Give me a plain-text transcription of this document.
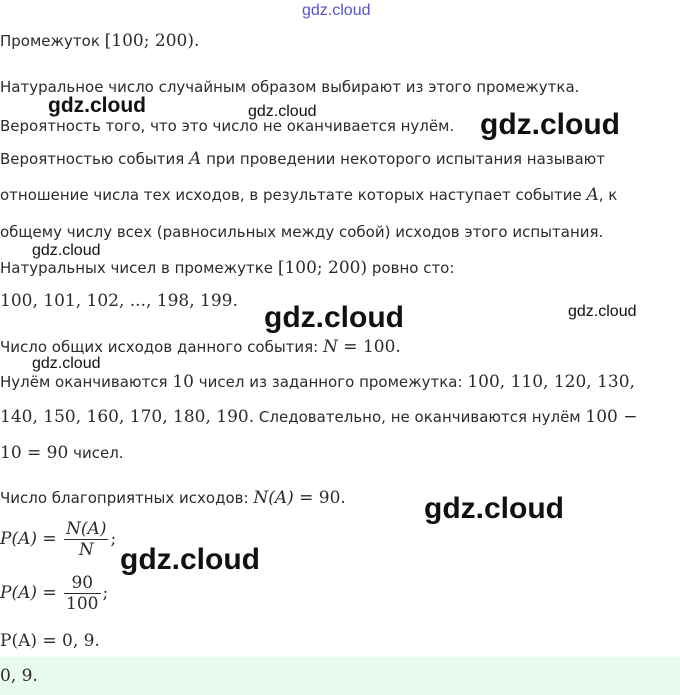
gdz.cloud
Промежуток [100; 200).
Натуральное число случайным образом выбирают из этого промежутка.
Вероятность того, что это число не оканчивается нулём.
Вероятностью события A при проведении некоторого испытания называют
отношение числа тех исходов, в результате которых наступает событие A, к
общему числу всех (равносильных между собой) исходов этого испытания.
Натуральных чисел в промежутке [100; 200) ровно сто:
100, 101, 102, ..., 198, 199.
Число общих исходов данного события: N = 100.
Нулём оканчиваются 10 чисел из заданного промежутка: 100, 110, 120, 130,
140, 150, 160, 170, 180, 190. Следовательно, не оканчиваются нулём 100 −
10 = 90 чисел.
Число благоприятных исходов: N(A) = 90.
$P(A) = \frac{N(A)}{N}$ ;
$P(A) = \frac{90}{100}$ ;
P(A) = 0, 9.
0, 9.
gdz.cloud	gdz.cloud	gdz.cloud
gdz.cloud
gdz.cloud	gdz.cloud
gdz.cloud
gdz.cloud
gdz.cloud
